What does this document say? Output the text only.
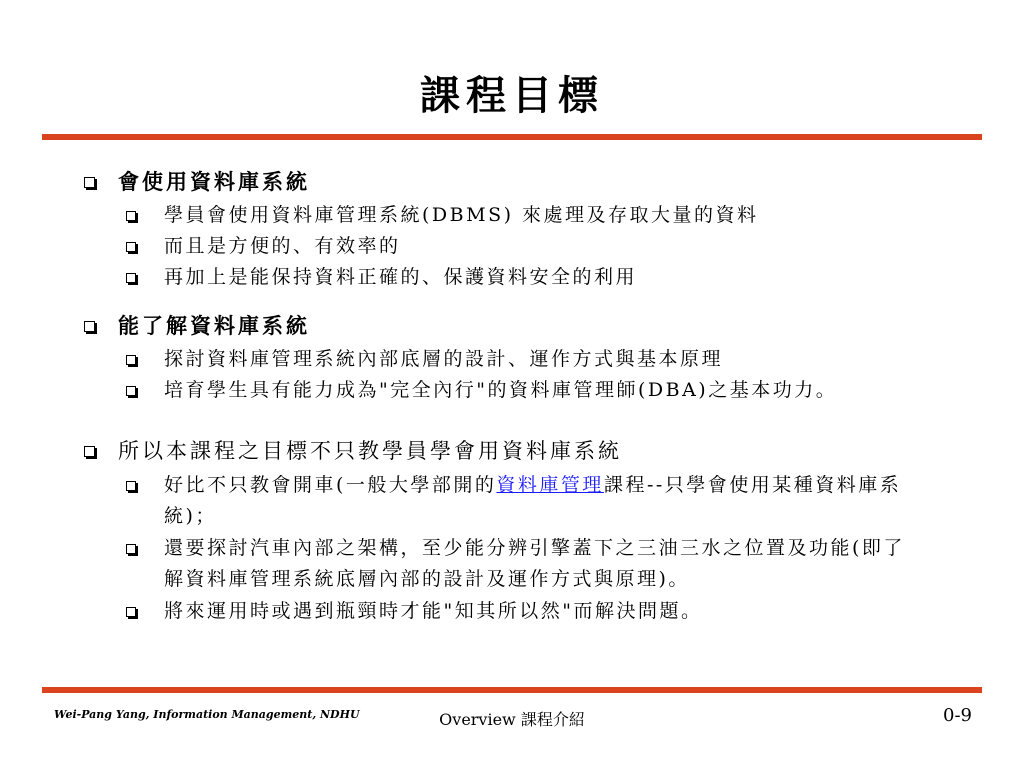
課程目標
會使用資料庫系統
學員會使用資料庫管理系統(DBMS) 來處理及存取大量的資料
而且是方便的、有效率的
再加上是能保持資料正確的、保護資料安全的利用
能了解資料庫系統
探討資料庫管理系統內部底層的設計、運作方式與基本原理
培育學生具有能力成為"完全內行"的資料庫管理師(DBA)之基本功力。
所以本課程之目標不只教學員學會用資料庫系統
好比不只教會開車(一般大學部開的資料庫管理課程--只學會使用某種資料庫系統)；
還要探討汽車內部之架構，至少能分辨引擎蓋下之三油三水之位置及功能(即了解資料庫管理系統底層內部的設計及運作方式與原理)。
將來運用時或遇到瓶頸時才能"知其所以然"而解決問題。
Wei-Pang Yang, Information Management, NDHU	Overview 課程介紹	0-9
